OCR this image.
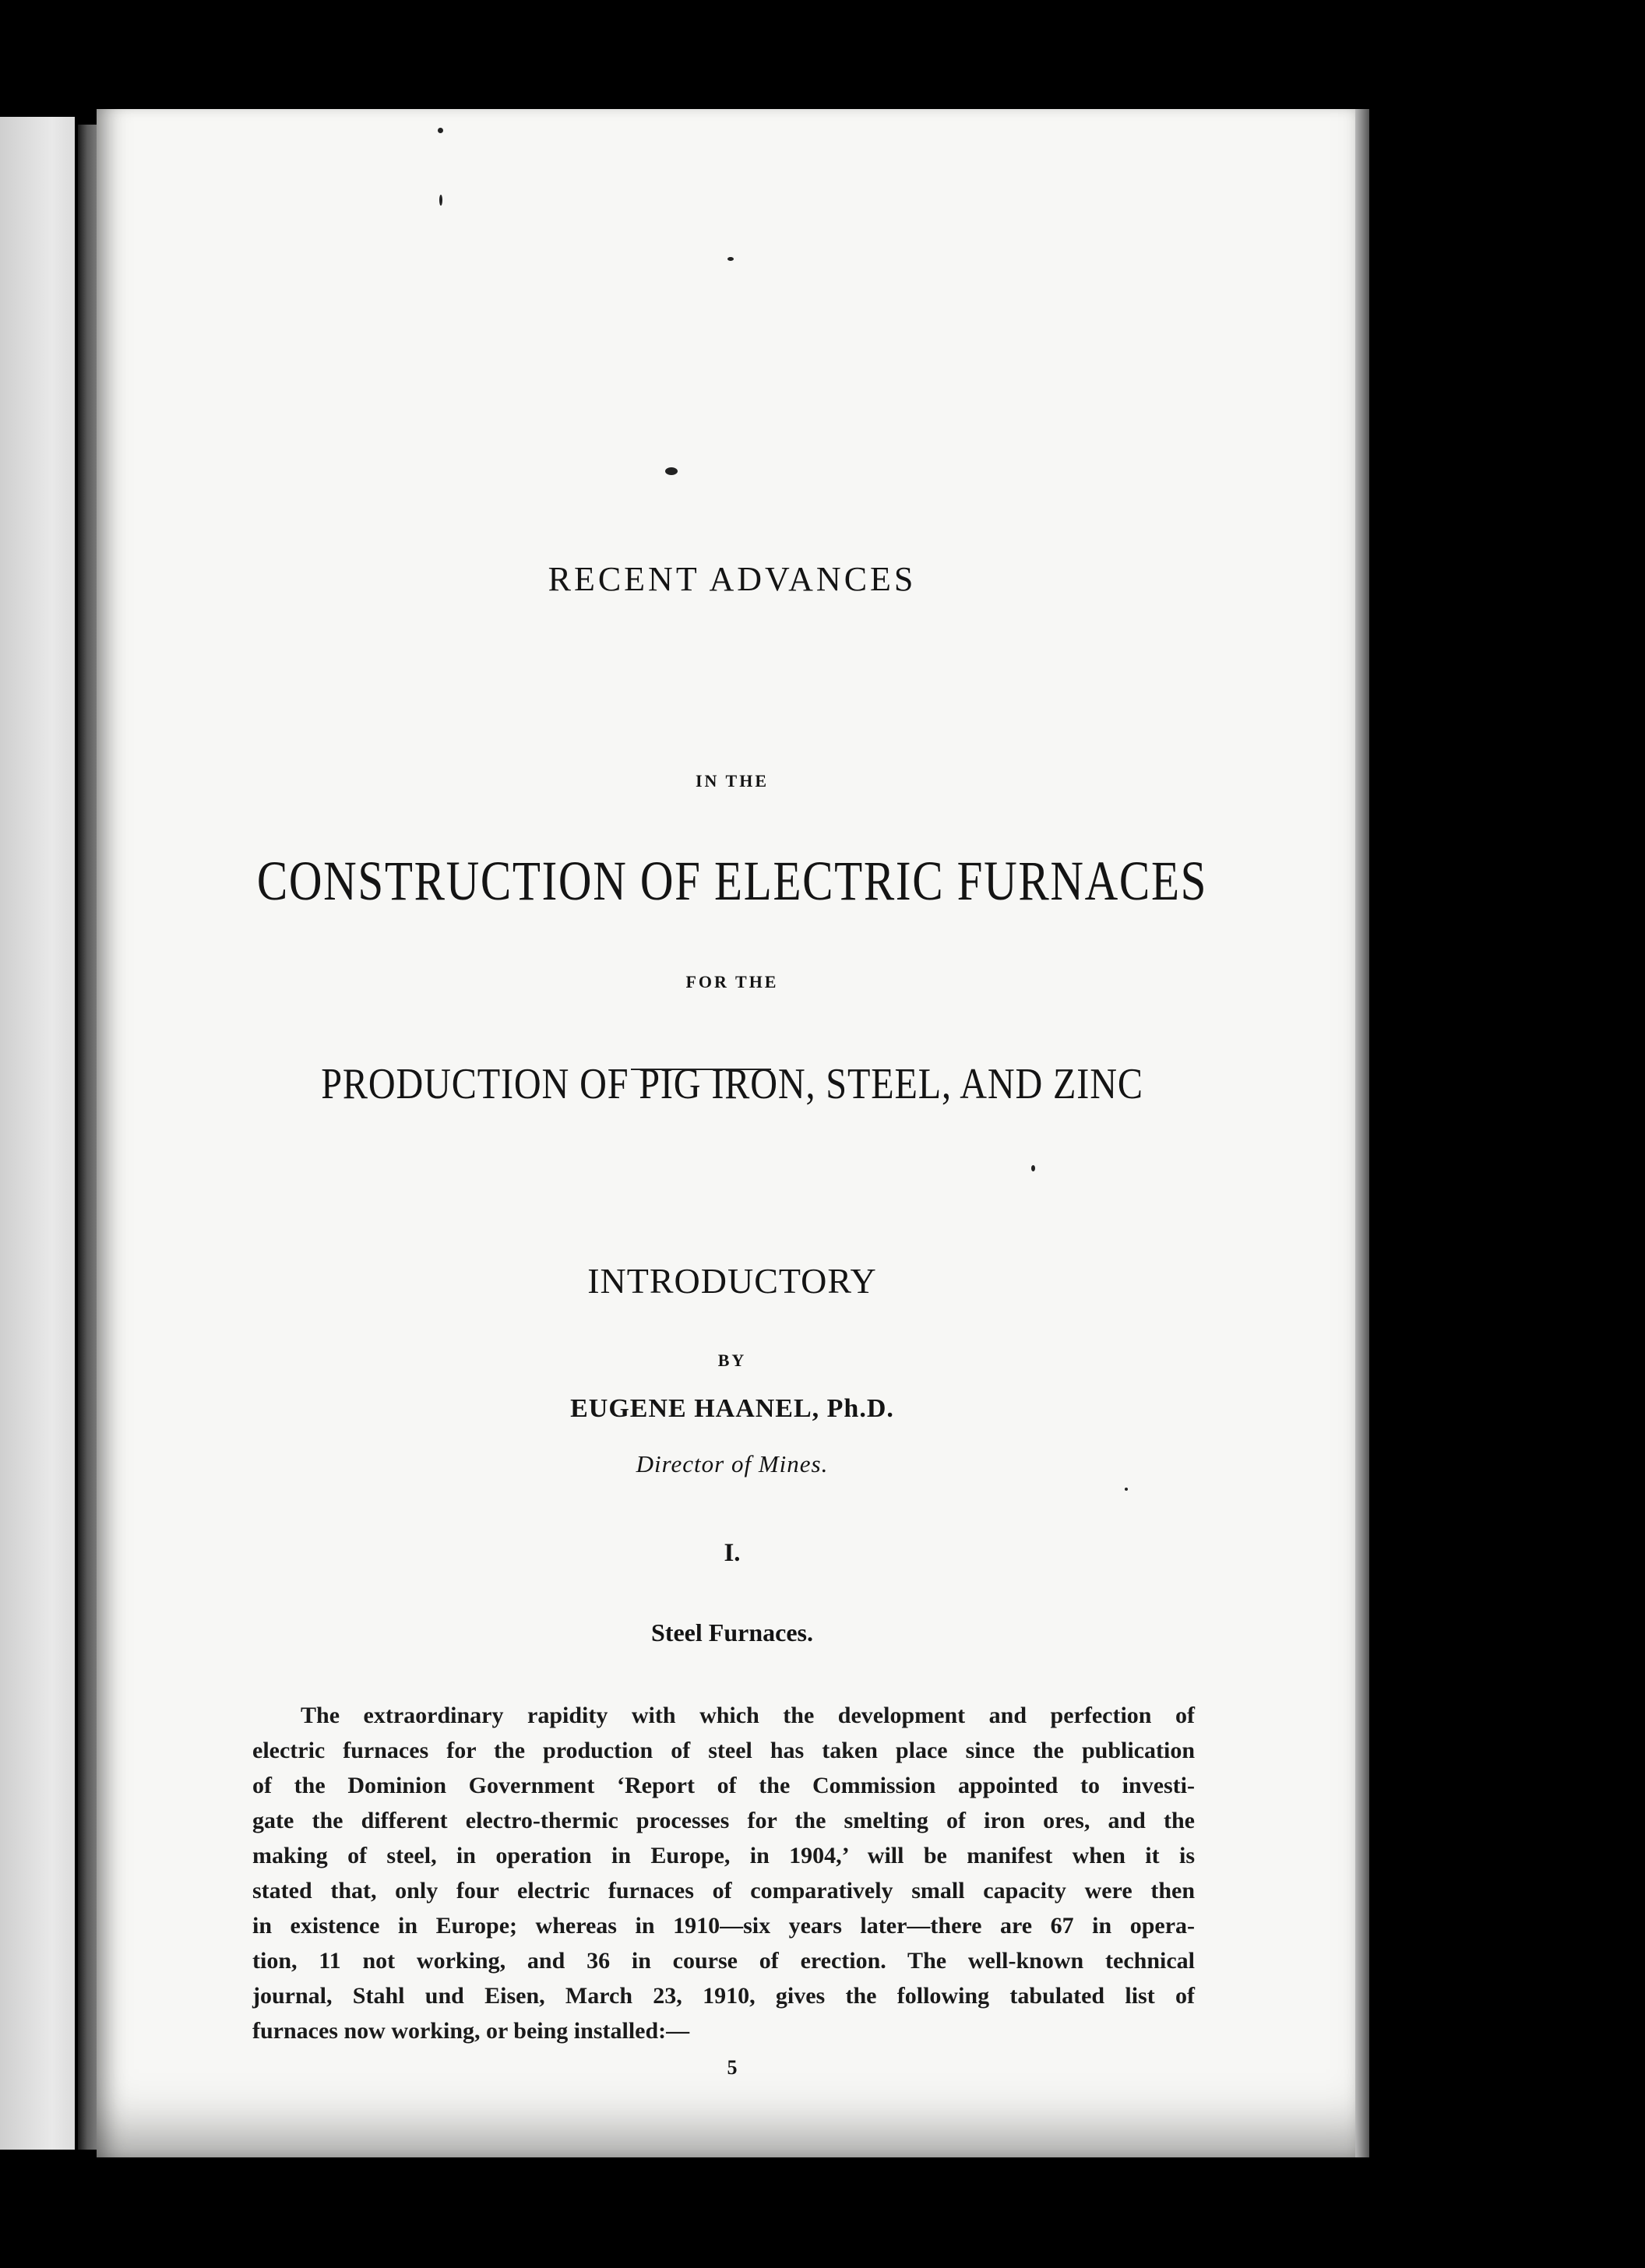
RECENT ADVANCES
IN THE
CONSTRUCTION OF ELECTRIC FURNACES
FOR THE
PRODUCTION OF PIG IRON, STEEL, AND ZINC
INTRODUCTORY
BY
EUGENE HAANEL, Ph.D.
Director of Mines.
I.
Steel Furnaces.
The extraordinary rapidity with which the development and perfection of
electric furnaces for the production of steel has taken place since the publication
of the Dominion Government ‘Report of the Commission appointed to investi-
gate the different electro-thermic processes for the smelting of iron ores, and the
making of steel, in operation in Europe, in 1904,’ will be manifest when it is
stated that, only four electric furnaces of comparatively small capacity were then
in existence in Europe; whereas in 1910—six years later—there are 67 in opera-
tion, 11 not working, and 36 in course of erection. The well-known technical
journal, Stahl und Eisen, March 23, 1910, gives the following tabulated list of
furnaces now working, or being installed:—
5
